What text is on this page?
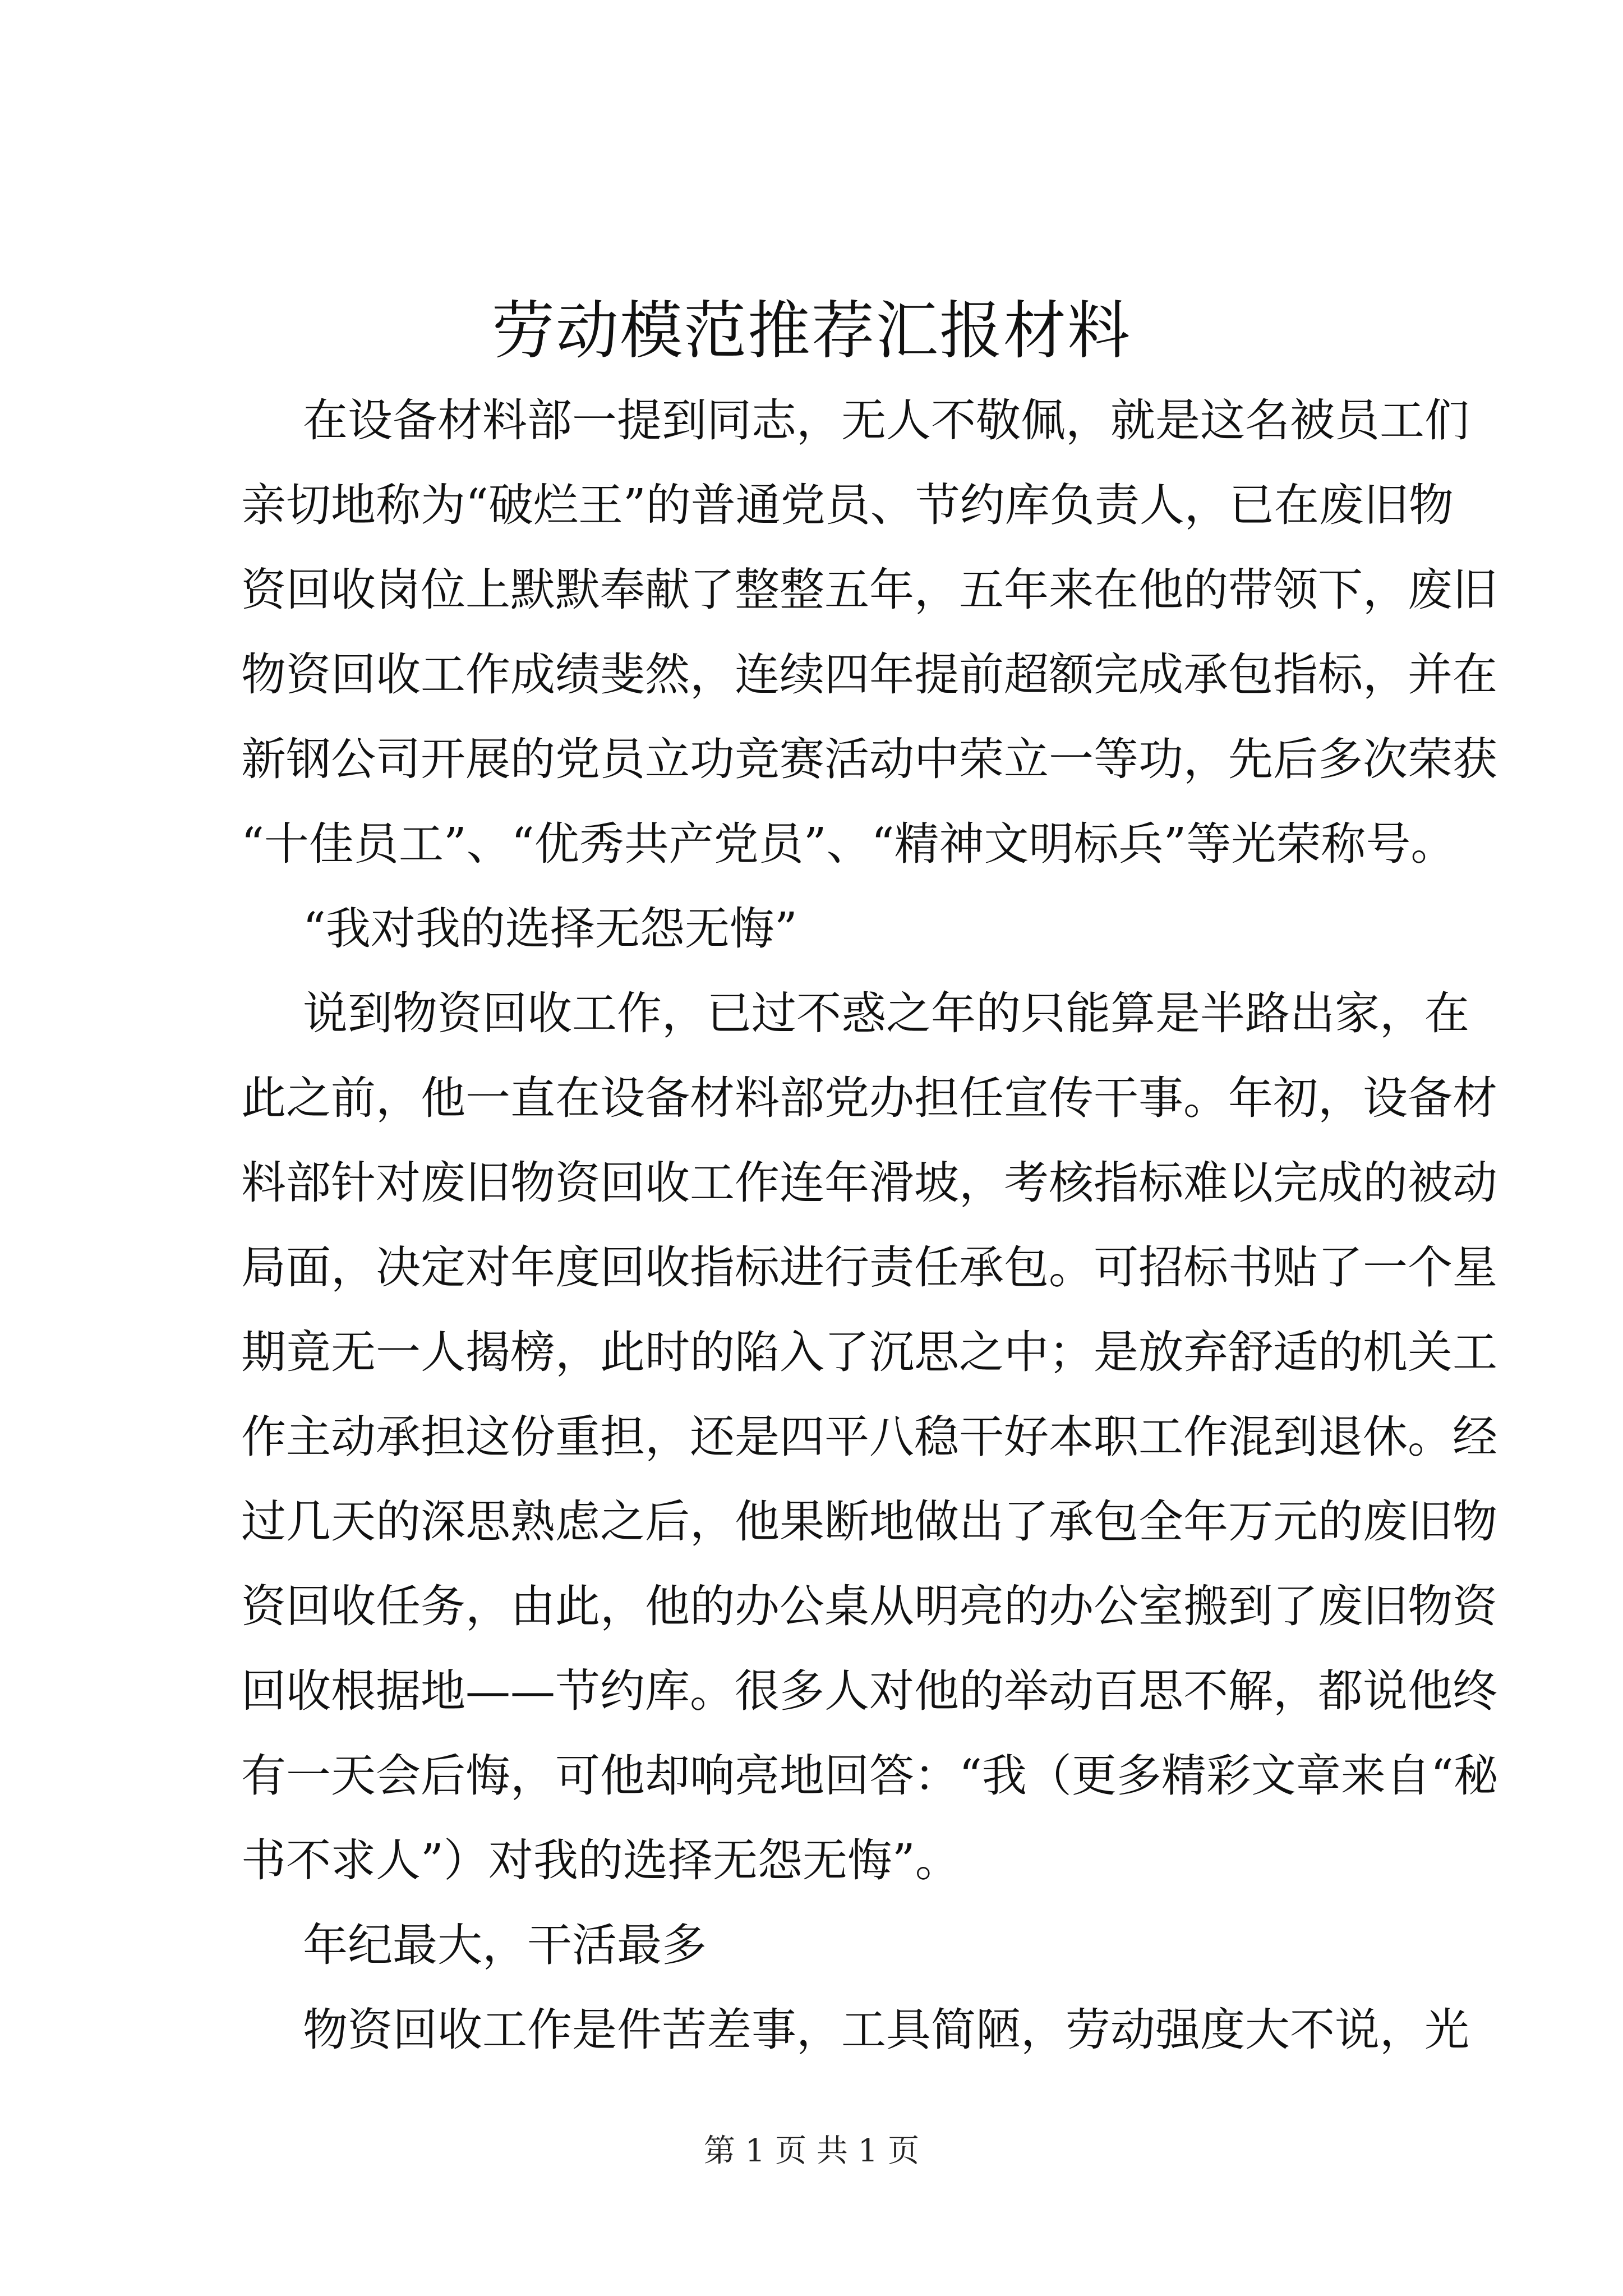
劳动模范推荐汇报材料
在设备材料部一提到同志，无人不敬佩，就是这名被员工们
亲切地称为“破烂王”的普通党员、节约库负责人，已在废旧物
资回收岗位上默默奉献了整整五年，五年来在他的带领下，废旧
物资回收工作成绩斐然，连续四年提前超额完成承包指标，并在
新钢公司开展的党员立功竞赛活动中荣立一等功，先后多次荣获
“十佳员工”、“优秀共产党员”、“精神文明标兵”等光荣称号。
“我对我的选择无怨无悔”
说到物资回收工作，已过不惑之年的只能算是半路出家，在
此之前，他一直在设备材料部党办担任宣传干事。年初，设备材
料部针对废旧物资回收工作连年滑坡，考核指标难以完成的被动
局面，决定对年度回收指标进行责任承包。可招标书贴了一个星
期竟无一人揭榜，此时的陷入了沉思之中；是放弃舒适的机关工
作主动承担这份重担，还是四平八稳干好本职工作混到退休。经
过几天的深思熟虑之后，他果断地做出了承包全年万元的废旧物
资回收任务，由此，他的办公桌从明亮的办公室搬到了废旧物资
回收根据地——节约库。很多人对他的举动百思不解，都说他终
有一天会后悔，可他却响亮地回答：“我（更多精彩文章来自“秘
书不求人”）对我的选择无怨无悔”。
年纪最大，干活最多
物资回收工作是件苦差事，工具简陋，劳动强度大不说，光
第 1 页 共 1 页
